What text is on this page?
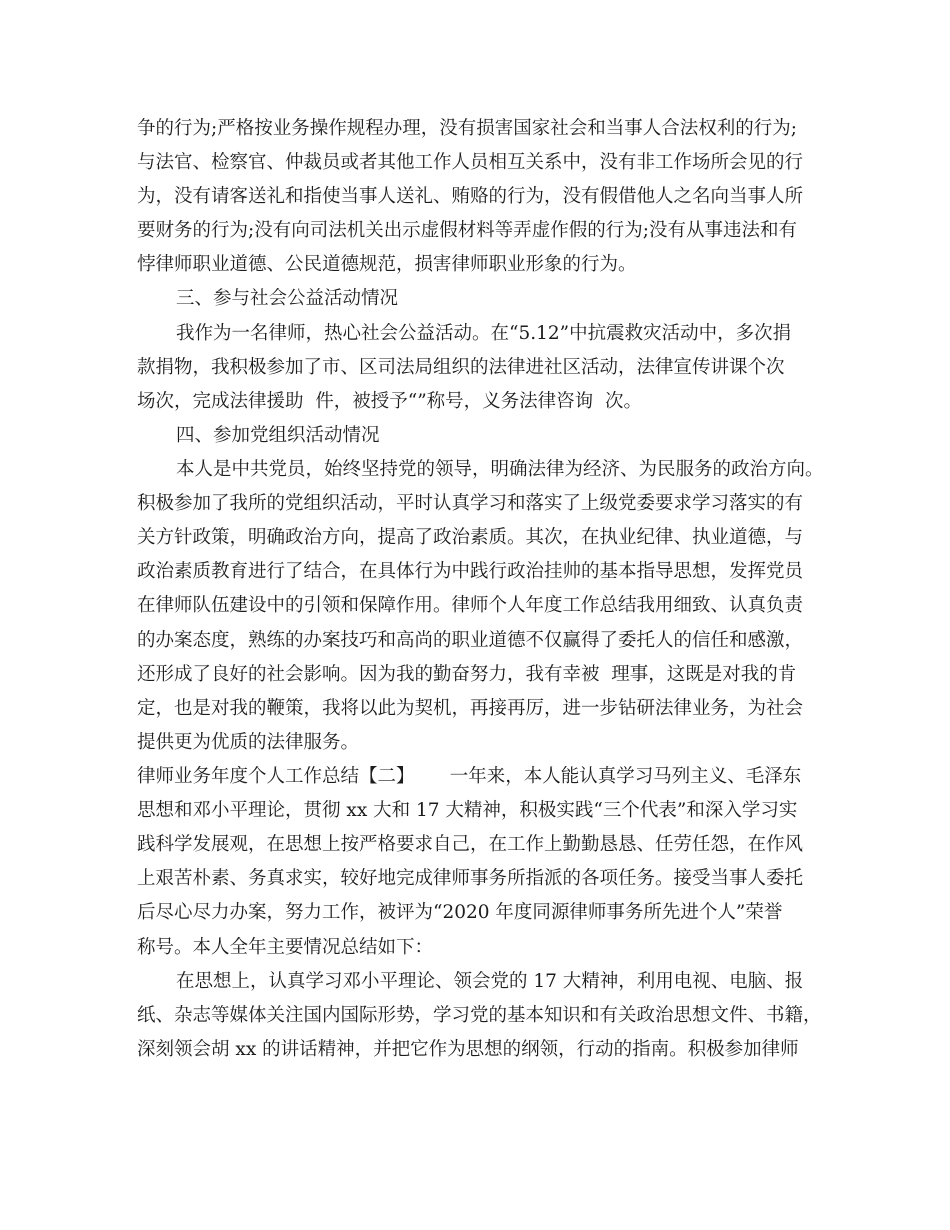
争的行为;严格按业务操作规程办理，没有损害国家社会和当事人合法权利的行为;
与法官、检察官、仲裁员或者其他工作人员相互关系中，没有非工作场所会见的行
为，没有请客送礼和指使当事人送礼、贿赂的行为，没有假借他人之名向当事人所
要财务的行为;没有向司法机关出示虚假材料等弄虚作假的行为;没有从事违法和有
悖律师职业道德、公民道德规范，损害律师职业形象的行为。
三、参与社会公益活动情况
我作为一名律师，热心社会公益活动。在“5.12”中抗震救灾活动中，多次捐
款捐物，我积极参加了市、区司法局组织的法律进社区活动，法律宣传讲课个次
场次，完成法律援助  件，被授予“”称号，义务法律咨询  次。
四、参加党组织活动情况
本人是中共党员，始终坚持党的领导，明确法律为经济、为民服务的政治方向。
积极参加了我所的党组织活动，平时认真学习和落实了上级党委要求学习落实的有
关方针政策，明确政治方向，提高了政治素质。其次，在执业纪律、执业道德，与
政治素质教育进行了结合，在具体行为中践行政治挂帅的基本指导思想，发挥党员
在律师队伍建设中的引领和保障作用。律师个人年度工作总结我用细致、认真负责
的办案态度，熟练的办案技巧和高尚的职业道德不仅赢得了委托人的信任和感激，
还形成了良好的社会影响。因为我的勤奋努力，我有幸被  理事，这既是对我的肯
定，也是对我的鞭策，我将以此为契机，再接再厉，进一步钻研法律业务，为社会
提供更为优质的法律服务。
律师业务年度个人工作总结【二】      一年来，本人能认真学习马列主义、毛泽东
思想和邓小平理论，贯彻 xx 大和 17 大精神，积极实践“三个代表”和深入学习实
践科学发展观，在思想上按严格要求自己，在工作上勤勤恳恳、任劳任怨，在作风
上艰苦朴素、务真求实，较好地完成律师事务所指派的各项任务。接受当事人委托
后尽心尽力办案，努力工作，被评为“2020 年度同源律师事务所先进个人”荣誉
称号。本人全年主要情况总结如下：
在思想上，认真学习邓小平理论、领会党的 17 大精神，利用电视、电脑、报
纸、杂志等媒体关注国内国际形势，学习党的基本知识和有关政治思想文件、书籍，
深刻领会胡 xx 的讲话精神，并把它作为思想的纲领，行动的指南。积极参加律师
